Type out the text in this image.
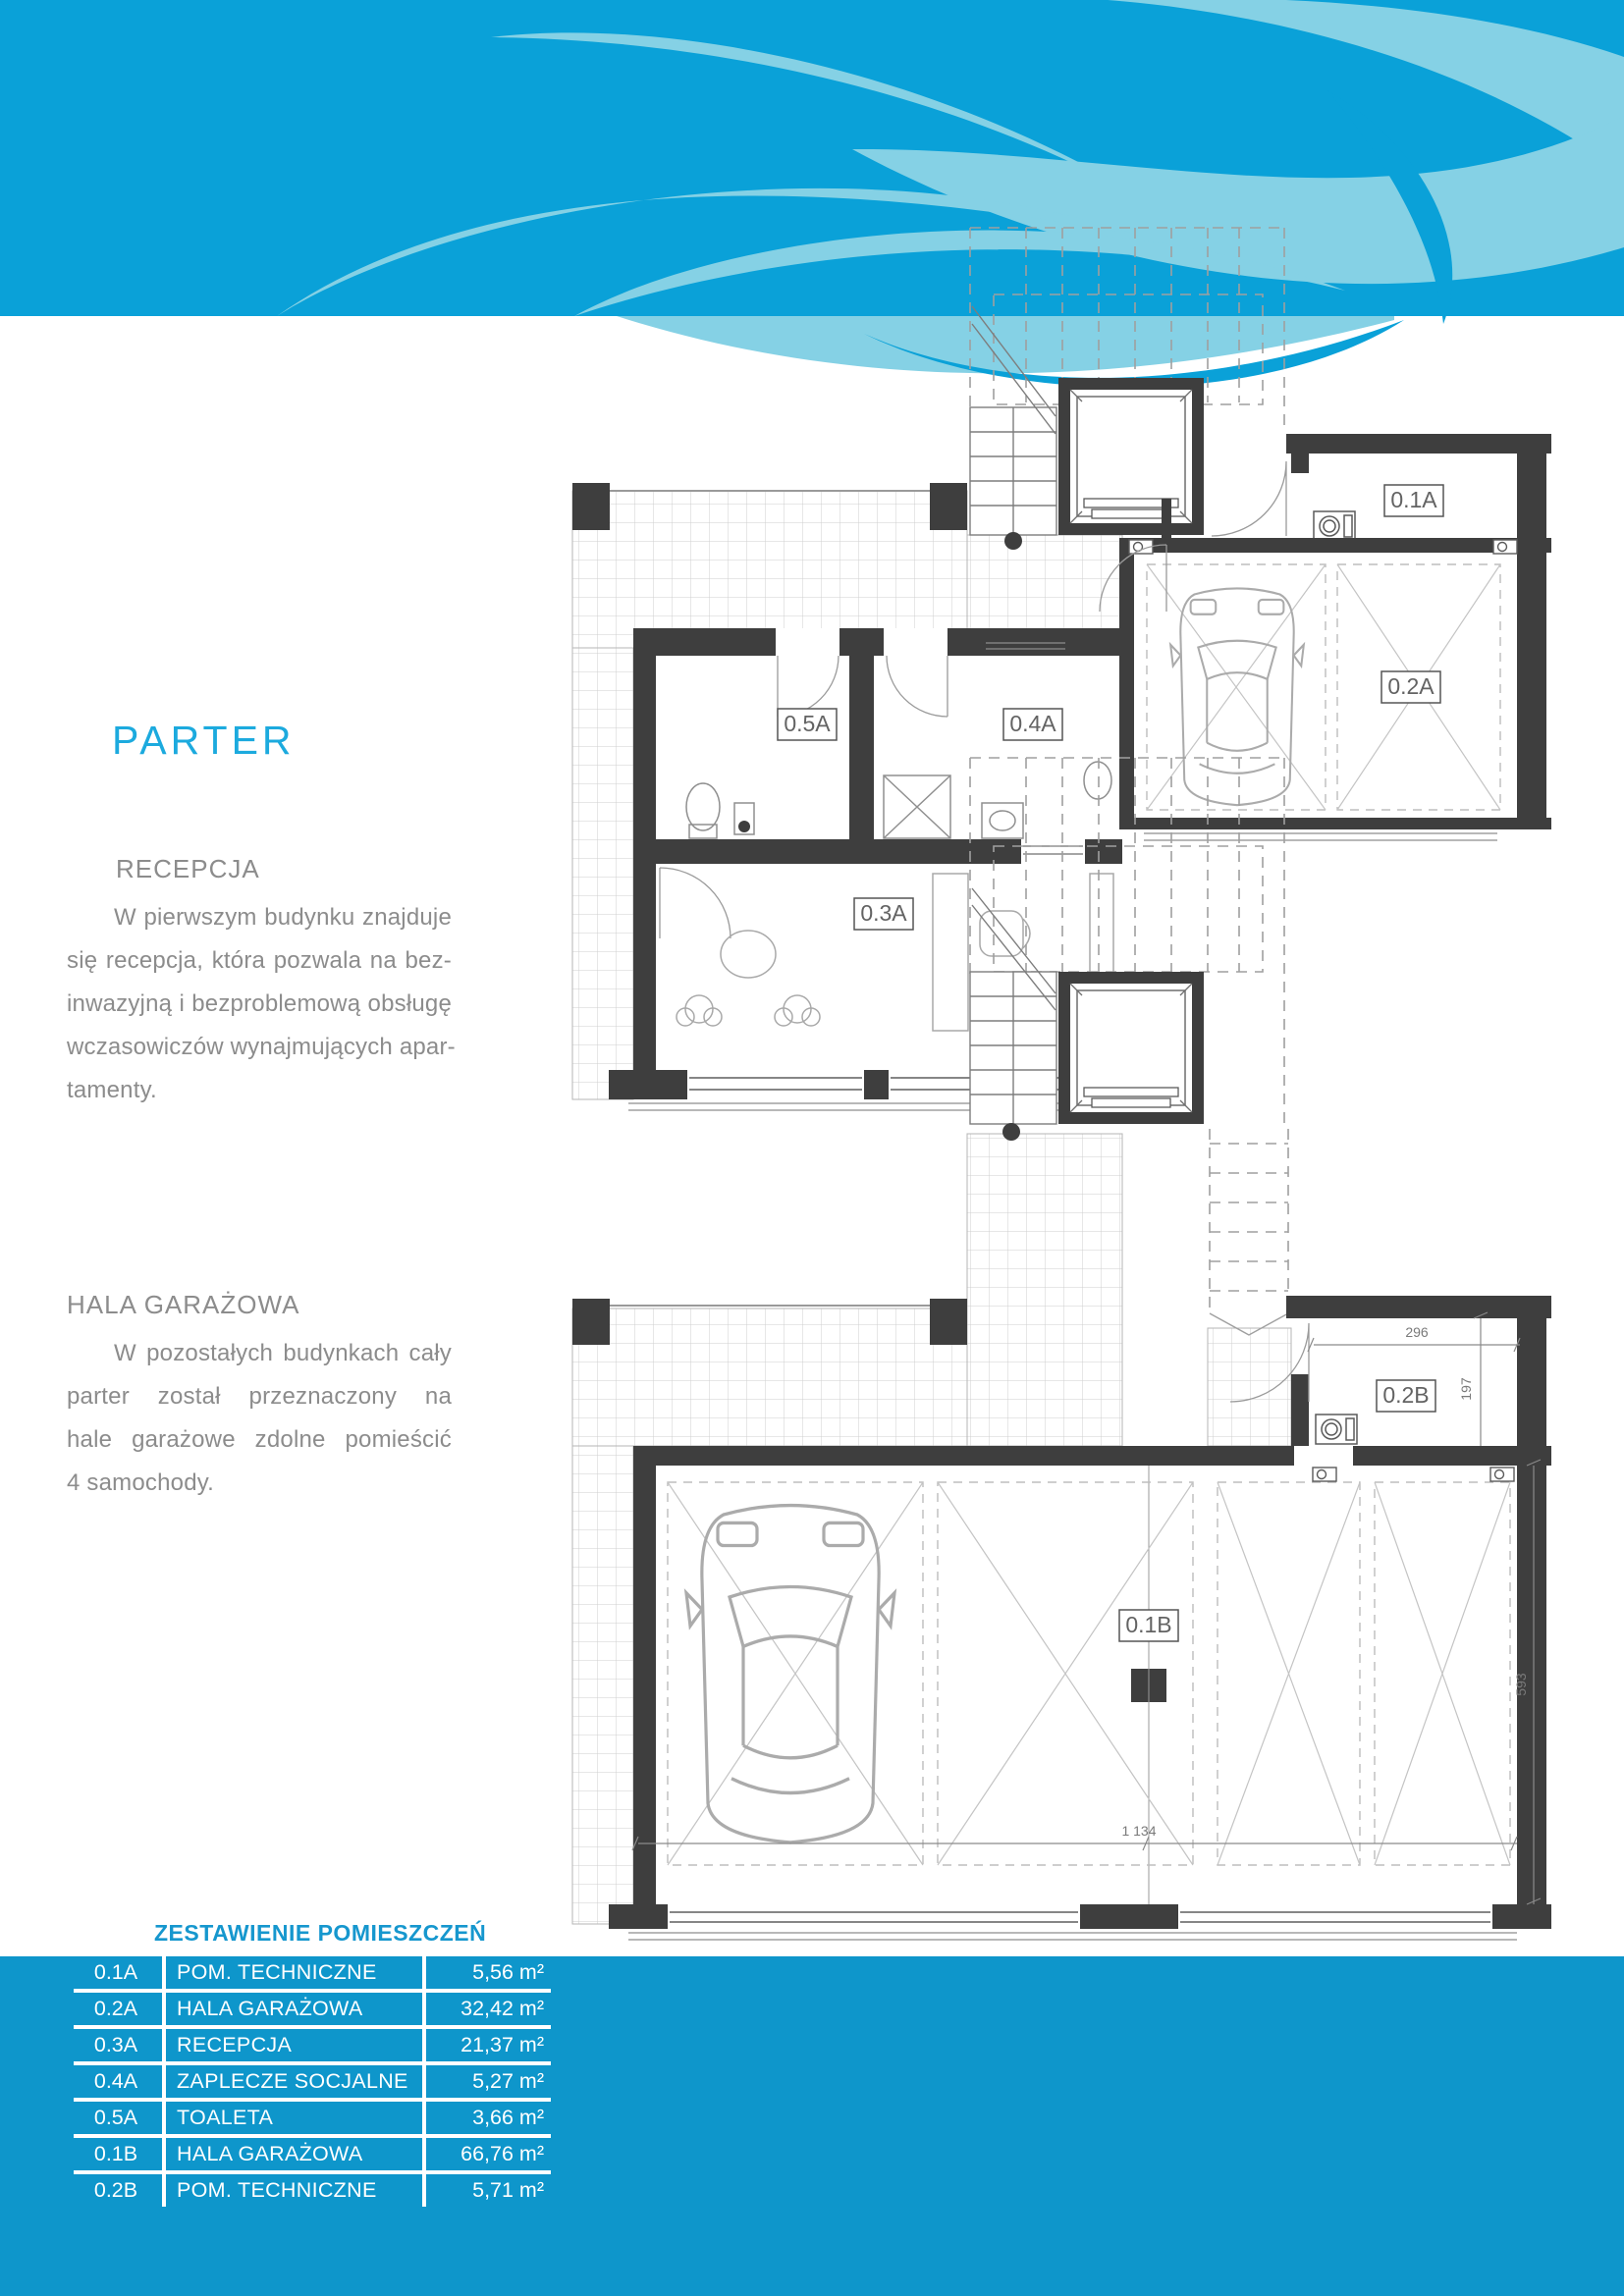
PARTER
RECEPCJA
W pierwszym budynku znajduje
się recepcja, która pozwala na bez-
inwazyjną i bezproblemową obsługę
wczasowiczów wynajmujących apar-
tamenty.
HALA GARAŻOWA
W pozostałych budynkach cały
parter został przeznaczony na
hale garażowe zdolne pomieścić
4 samochody.
296
197
1 134
593
0.1A
0.5A	0.4A
0.3A
0.2A
0.2B
0.1B
ZESTAWIENIE POMIESZCZEŃ
0.1A	POM. TECHNICZNE	5,56 m²
0.2A	HALA GARAŻOWA	32,42 m²
0.3A	RECEPCJA	21,37 m²
0.4A	ZAPLECZE SOCJALNE	5,27 m²
0.5A	TOALETA	3,66 m²
0.1B	HALA GARAŻOWA	66,76 m²
0.2B	POM. TECHNICZNE	5,71 m²
